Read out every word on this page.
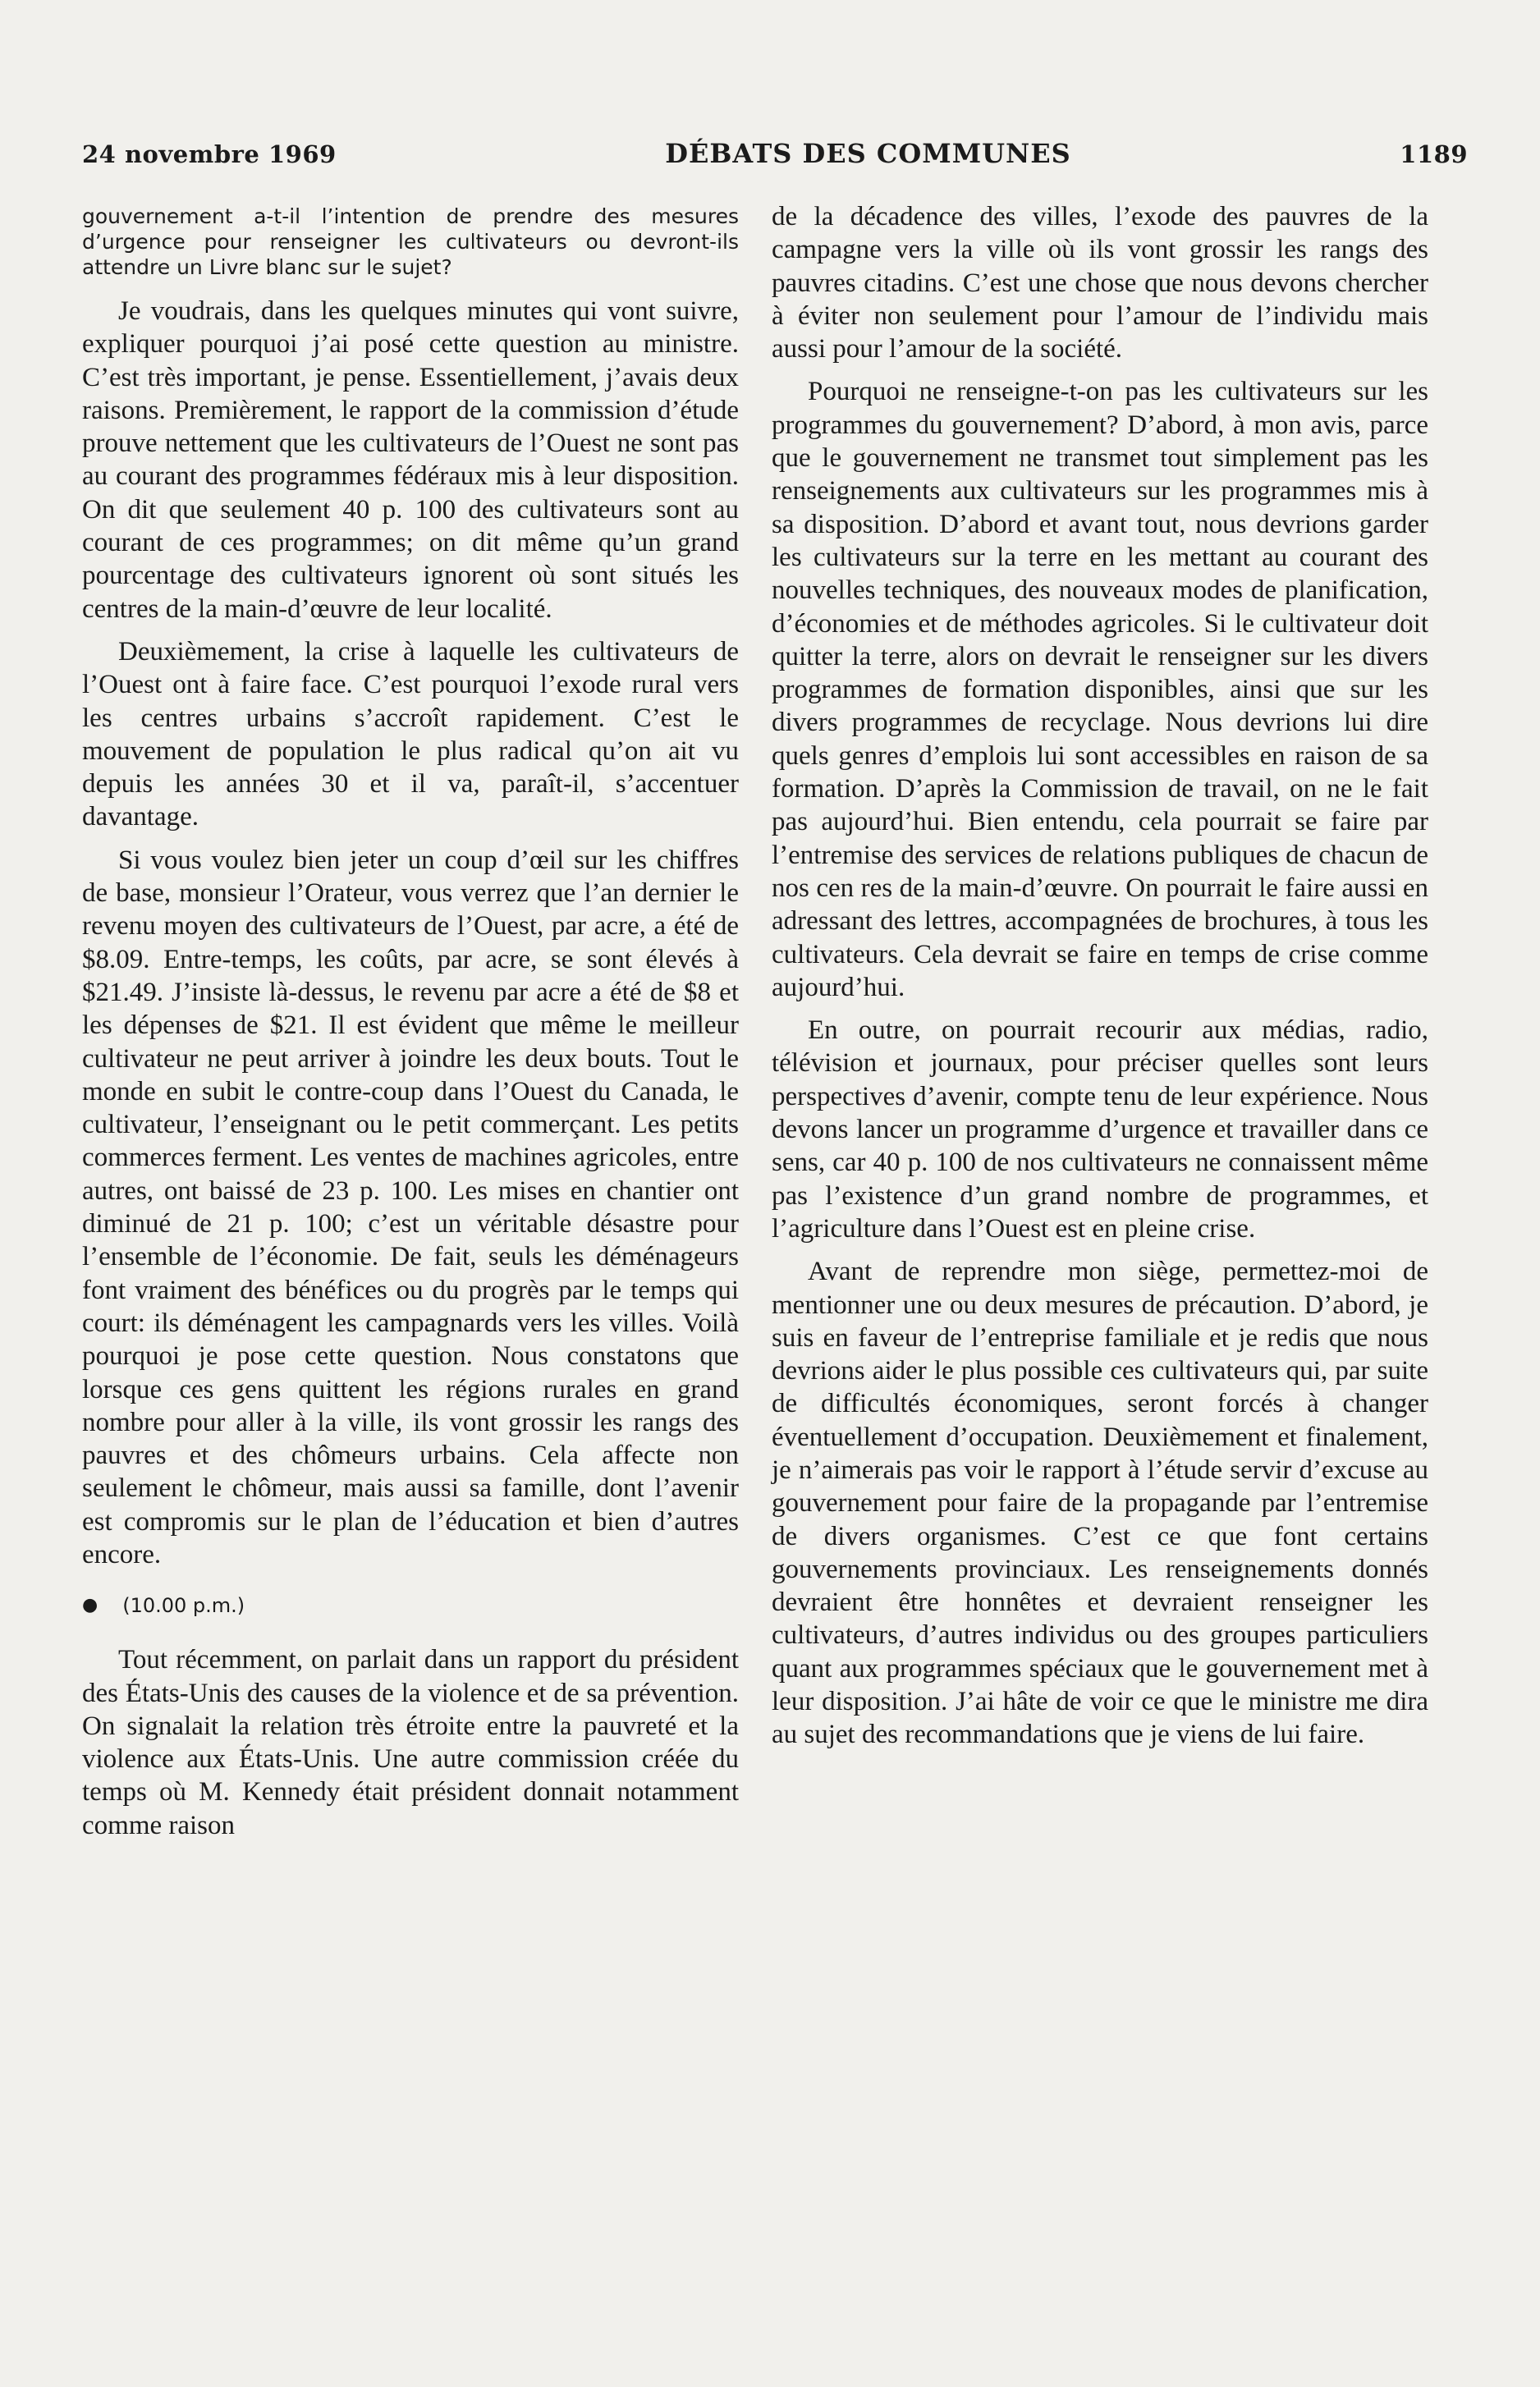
24 novembre 1969	DÉBATS DES COMMUNES	1189

gouvernement a-t-il l’intention de prendre des mesures d’urgence pour renseigner les cultivateurs ou devront-ils attendre un Livre blanc sur le sujet?

Je voudrais, dans les quelques minutes qui vont suivre, expliquer pourquoi j’ai posé cette question au ministre. C’est très important, je pense. Essentiellement, j’avais deux raisons. Premièrement, le rapport de la commission d’étude prouve nettement que les cultivateurs de l’Ouest ne sont pas au courant des programmes fédéraux mis à leur disposition. On dit que seulement 40 p. 100 des cultivateurs sont au courant de ces programmes; on dit même qu’un grand pourcentage des cultivateurs ignorent où sont situés les centres de la main-d’œuvre de leur localité.

Deuxièmement, la crise à laquelle les cultivateurs de l’Ouest ont à faire face. C’est pourquoi l’exode rural vers les centres urbains s’accroît rapidement. C’est le mouvement de population le plus radical qu’on ait vu depuis les années 30 et il va, paraît-il, s’accentuer davantage.

Si vous voulez bien jeter un coup d’œil sur les chiffres de base, monsieur l’Orateur, vous verrez que l’an dernier le revenu moyen des cultivateurs de l’Ouest, par acre, a été de $8.09. Entre-temps, les coûts, par acre, se sont élevés à $21.49. J’insiste là-dessus, le revenu par acre a été de $8 et les dépenses de $21. Il est évident que même le meilleur cultivateur ne peut arriver à joindre les deux bouts. Tout le monde en subit le contre-coup dans l’Ouest du Canada, le cultivateur, l’enseignant ou le petit commerçant. Les petits commerces ferment. Les ventes de machines agricoles, entre autres, ont baissé de 23 p. 100. Les mises en chantier ont diminué de 21 p. 100; c’est un véritable désastre pour l’ensemble de l’économie. De fait, seuls les déménageurs font vraiment des bénéfices ou du progrès par le temps qui court: ils déménagent les campagnards vers les villes. Voilà pourquoi je pose cette question. Nous constatons que lorsque ces gens quittent les régions rurales en grand nombre pour aller à la ville, ils vont grossir les rangs des pauvres et des chômeurs urbains. Cela affecte non seulement le chômeur, mais aussi sa famille, dont l’avenir est compromis sur le plan de l’éducation et bien d’autres encore.

● (10.00 p.m.)

Tout récemment, on parlait dans un rapport du président des États-Unis des causes de la violence et de sa prévention. On signalait la relation très étroite entre la pauvreté et la violence aux États-Unis. Une autre commission créée du temps où M. Kennedy était président donnait notamment comme raison

de la décadence des villes, l’exode des pauvres de la campagne vers la ville où ils vont grossir les rangs des pauvres citadins. C’est une chose que nous devons chercher à éviter non seulement pour l’amour de l’individu mais aussi pour l’amour de la société.

Pourquoi ne renseigne-t-on pas les cultivateurs sur les programmes du gouvernement? D’abord, à mon avis, parce que le gouvernement ne transmet tout simplement pas les renseignements aux cultivateurs sur les programmes mis à sa disposition. D’abord et avant tout, nous devrions garder les cultivateurs sur la terre en les mettant au courant des nouvelles techniques, des nouveaux modes de planification, d’économies et de méthodes agricoles. Si le cultivateur doit quitter la terre, alors on devrait le renseigner sur les divers programmes de formation disponibles, ainsi que sur les divers programmes de recyclage. Nous devrions lui dire quels genres d’emplois lui sont accessibles en raison de sa formation. D’après la Commission de travail, on ne le fait pas aujourd’hui. Bien entendu, cela pourrait se faire par l’entremise des services de relations publiques de chacun de nos cen res de la main-d’œuvre. On pourrait le faire aussi en adressant des lettres, accompagnées de brochures, à tous les cultivateurs. Cela devrait se faire en temps de crise comme aujourd’hui.

En outre, on pourrait recourir aux médias, radio, télévision et journaux, pour préciser quelles sont leurs perspectives d’avenir, compte tenu de leur expérience. Nous devons lancer un programme d’urgence et travailler dans ce sens, car 40 p. 100 de nos cultivateurs ne connaissent même pas l’existence d’un grand nombre de programmes, et l’agriculture dans l’Ouest est en pleine crise.

Avant de reprendre mon siège, permettez-moi de mentionner une ou deux mesures de précaution. D’abord, je suis en faveur de l’entreprise familiale et je redis que nous devrions aider le plus possible ces cultivateurs qui, par suite de difficultés économiques, seront forcés à changer éventuellement d’occupation. Deuxièmement et finalement, je n’aimerais pas voir le rapport à l’étude servir d’excuse au gouvernement pour faire de la propagande par l’entremise de divers organismes. C’est ce que font certains gouvernements provinciaux. Les renseignements donnés devraient être honnêtes et devraient renseigner les cultivateurs, d’autres individus ou des groupes particuliers quant aux programmes spéciaux que le gouvernement met à leur disposition. J’ai hâte de voir ce que le ministre me dira au sujet des recommandations que je viens de lui faire.
